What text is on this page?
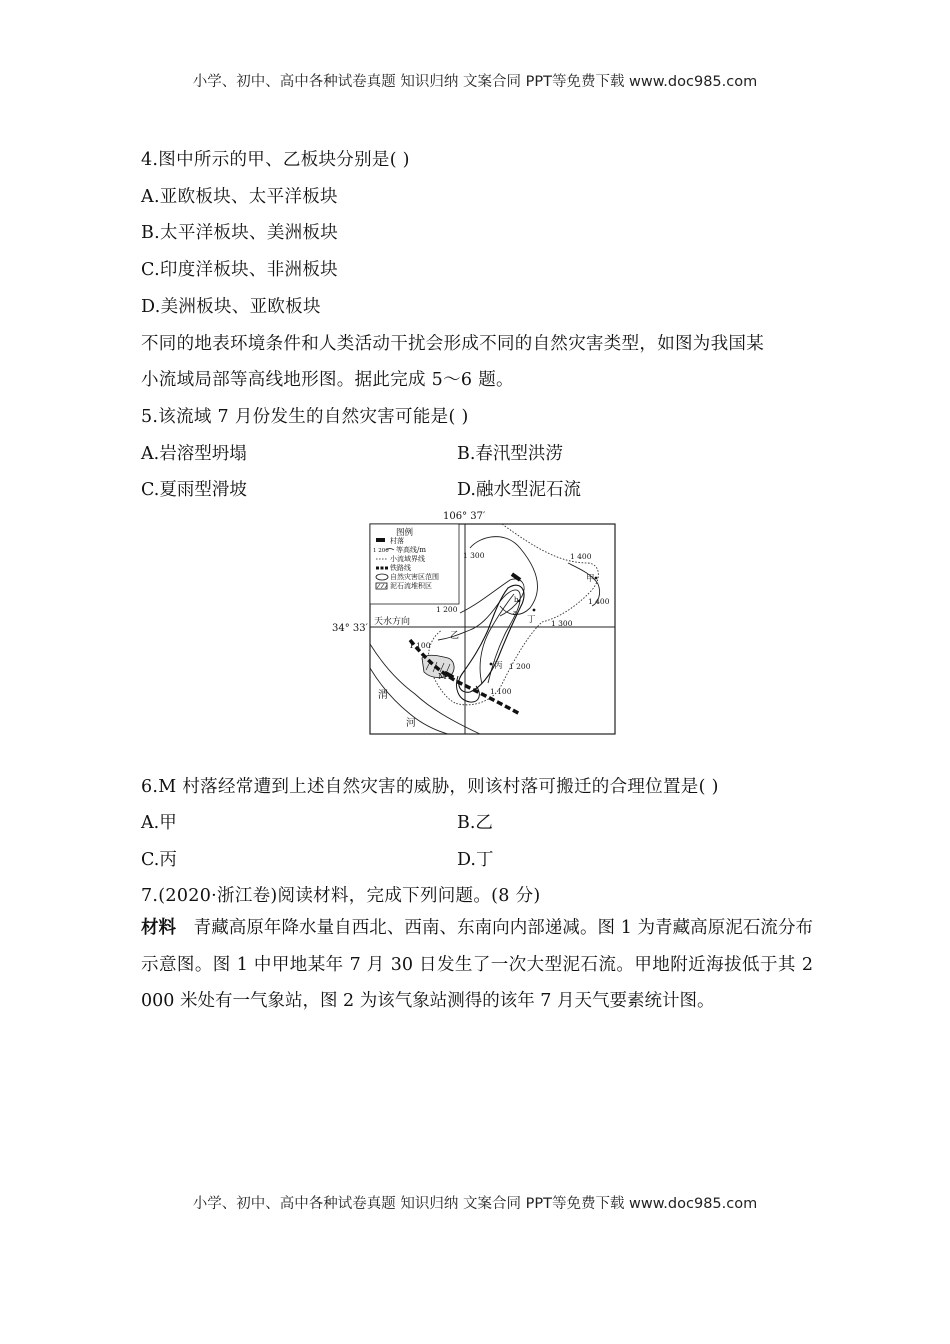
小学、初中、高中各种试卷真题 知识归纳 文案合同 PPT等免费下载 www.doc985.com
4.图中所示的甲、乙板块分别是( )
A.亚欧板块、太平洋板块
B.太平洋板块、美洲板块
C.印度洋板块、非洲板块
D.美洲板块、亚欧板块
不同的地表环境条件和人类活动干扰会形成不同的自然灾害类型，如图为我国某
小流域局部等高线地形图。据此完成 5～6 题。
5.该流域 7 月份发生的自然灾害可能是( )
A.岩溶型坍塌	B.春汛型洪涝
C.夏雨型滑坡	D.融水型泥石流
106° 37′
34° 33′
图例
村落
1 200 等高线/m
小流域界线
铁路线
自然灾害区范围
泥石流堆积区
渭
河
天水方向
1 300	1 400
1 400
1 300
1 200
1 100
1 200
1 100
甲
乙
丙
丁
b
a
M
6.M 村落经常遭到上述自然灾害的威胁，则该村落可搬迁的合理位置是( )
A.甲	B.乙
C.丙	D.丁
7.(2020·浙江卷)阅读材料，完成下列问题。(8 分)
材料　青藏高原年降水量自西北、西南、东南向内部递减。图 1 为青藏高原泥石流分布示意图。图 1 中甲地某年 7 月 30 日发生了一次大型泥石流。甲地附近海拔低于其 2 000 米处有一气象站，图 2 为该气象站测得的该年 7 月天气要素统计图。
小学、初中、高中各种试卷真题 知识归纳 文案合同 PPT等免费下载 www.doc985.com
